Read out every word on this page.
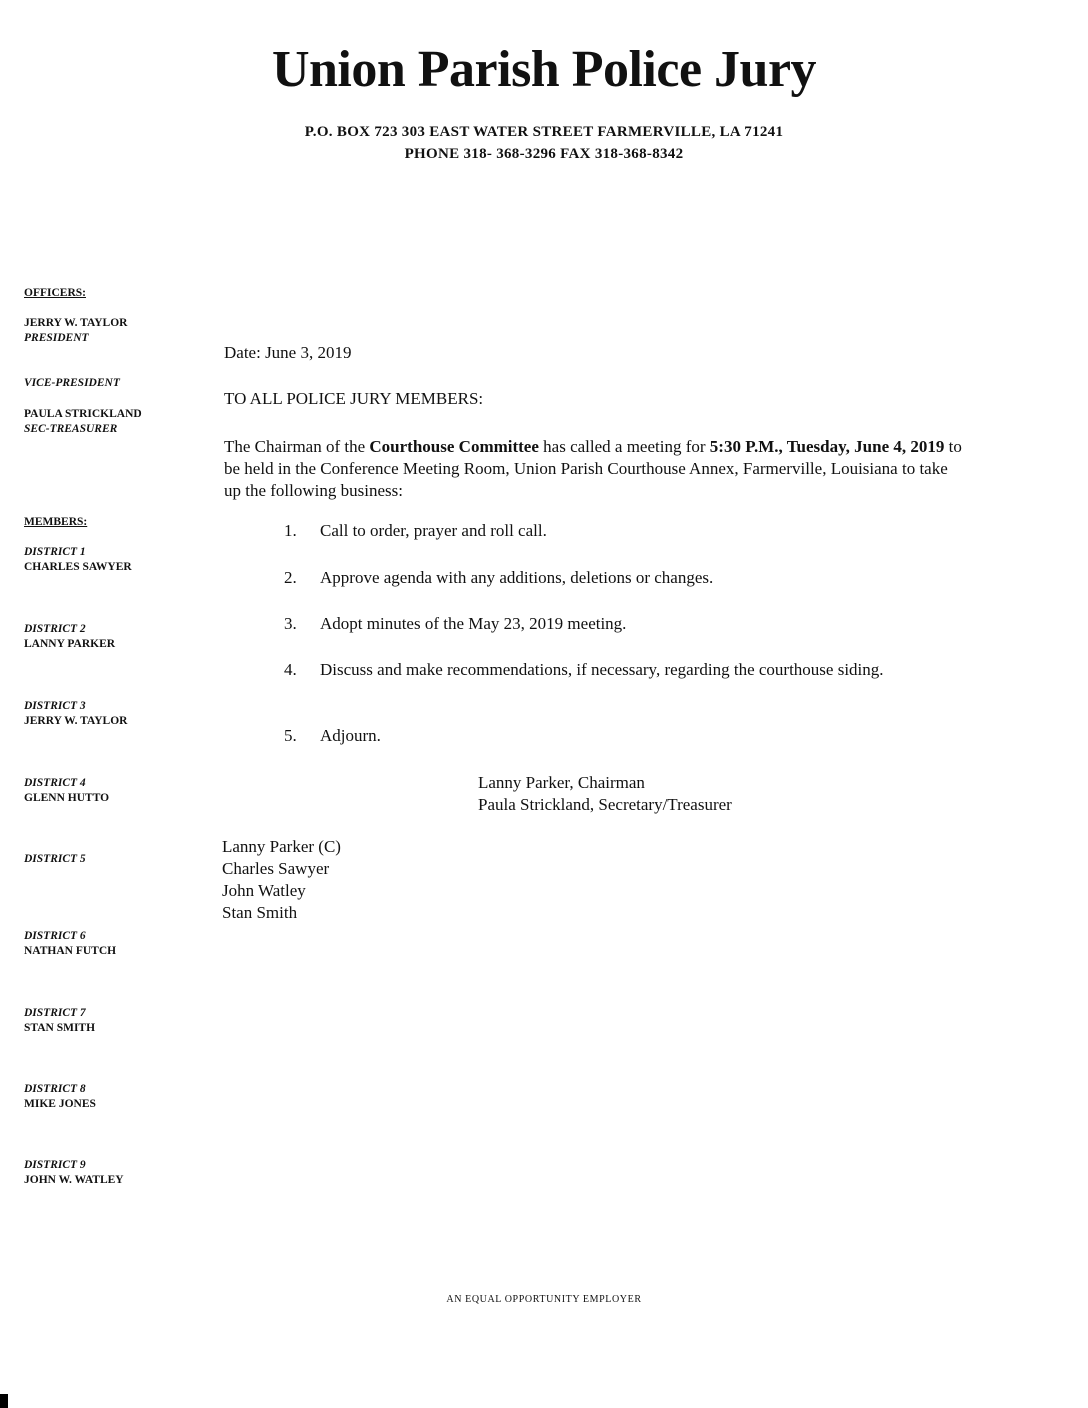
Union Parish Police Jury
P.O. BOX 723 303 EAST WATER STREET FARMERVILLE, LA 71241
PHONE 318- 368-3296 FAX 318-368-8342
OFFICERS:
JERRY W. TAYLOR
PRESIDENT
VICE-PRESIDENT
PAULA STRICKLAND
SEC-TREASURER
MEMBERS:
DISTRICT 1
CHARLES SAWYER
DISTRICT 2
LANNY PARKER
DISTRICT 3
JERRY W. TAYLOR
DISTRICT 4
GLENN HUTTO
DISTRICT 5
DISTRICT 6
NATHAN FUTCH
DISTRICT 7
STAN SMITH
DISTRICT 8
MIKE JONES
DISTRICT 9
JOHN W. WATLEY
Date: June 3, 2019
TO ALL POLICE JURY MEMBERS:
The Chairman of the Courthouse Committee has called a meeting for 5:30 P.M., Tuesday, June 4, 2019 to be held in the Conference Meeting Room, Union Parish Courthouse Annex, Farmerville, Louisiana to take up the following business:
1.	Call to order, prayer and roll call.
2.	Approve agenda with any additions, deletions or changes.
3.	Adopt minutes of the May 23, 2019 meeting.
4.	Discuss and make recommendations, if necessary, regarding the courthouse siding.
5.	Adjourn.
Lanny Parker, Chairman
Paula Strickland, Secretary/Treasurer
Lanny Parker (C)
Charles Sawyer
John Watley
Stan Smith
AN EQUAL OPPORTUNITY EMPLOYER
